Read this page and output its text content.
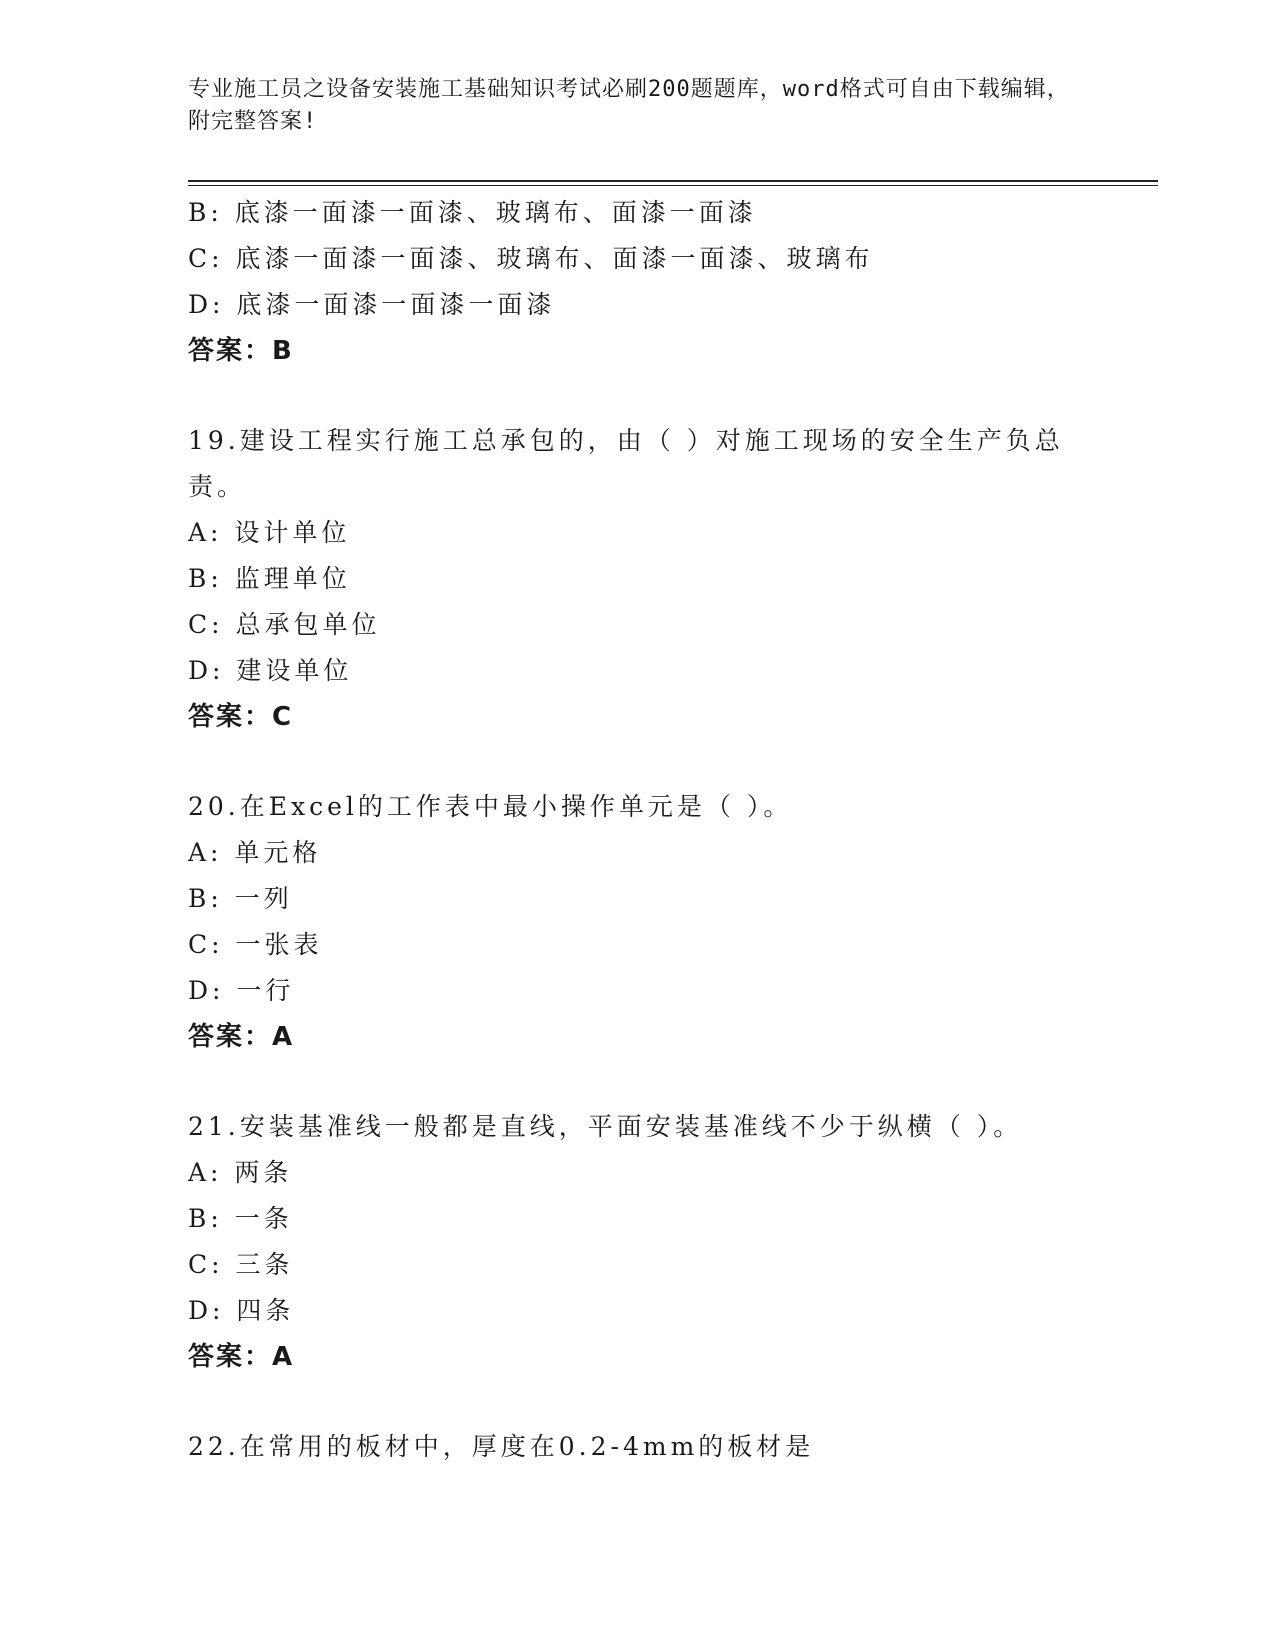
专业施工员之设备安装施工基础知识考试必刷200题题库，word格式可自由下载编辑，附完整答案!
B: 底漆一面漆一面漆、玻璃布、面漆一面漆
C: 底漆一面漆一面漆、玻璃布、面漆一面漆、玻璃布
D: 底漆一面漆一面漆一面漆
答案：B
19.建设工程实行施工总承包的，由（ ）对施工现场的安全生产负总责。
A: 设计单位
B: 监理单位
C: 总承包单位
D: 建设单位
答案：C
20.在Excel的工作表中最小操作单元是（ ）。
A: 单元格
B: 一列
C: 一张表
D: 一行
答案：A
21.安装基准线一般都是直线，平面安装基准线不少于纵横（ ）。
A: 两条
B: 一条
C: 三条
D: 四条
答案：A
22.在常用的板材中，厚度在0.2-4mm的板材是
